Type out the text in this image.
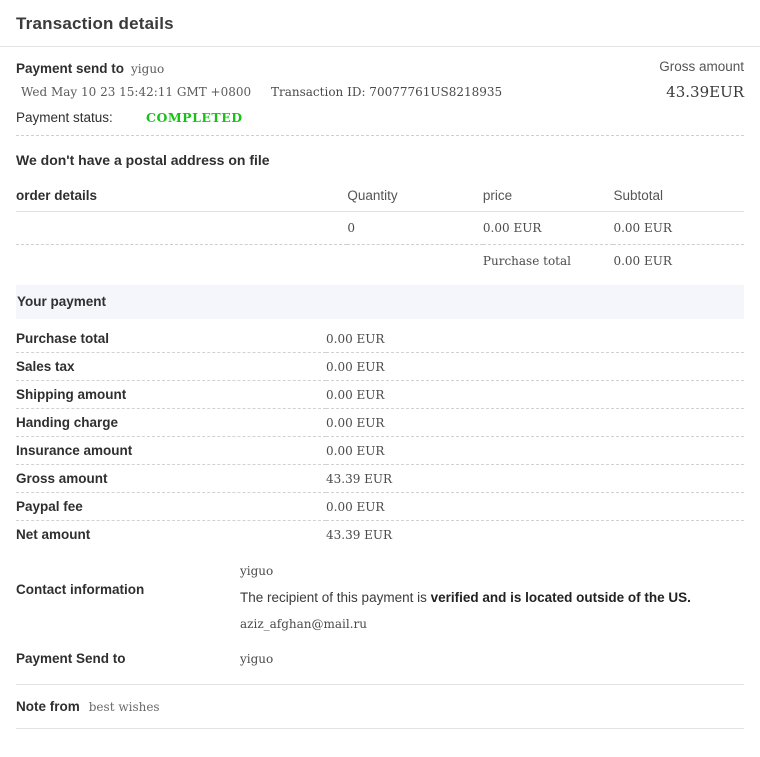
Transaction details
Payment send to yiguo
Wed May 10 23 15:42:11 GMT +0800	Transaction ID: 70077761US8218935
Payment status:	COMPLETED
Gross amount
43.39EUR
We don't have a postal address on file
order details	Quantity	price	Subtotal
	0	0.00 EUR	0.00 EUR
		Purchase total	0.00 EUR
Your payment
Purchase total	0.00 EUR
Sales tax	0.00 EUR
Shipping amount	0.00 EUR
Handing charge	0.00 EUR
Insurance amount	0.00 EUR
Gross amount	43.39 EUR
Paypal fee	0.00 EUR
Net amount	43.39 EUR
Contact information	
yiguo
The recipient of this payment is verified and is located outside of the US.
aziz_afghan@mail.ru
Payment Send to	yiguo
Note from best wishes
